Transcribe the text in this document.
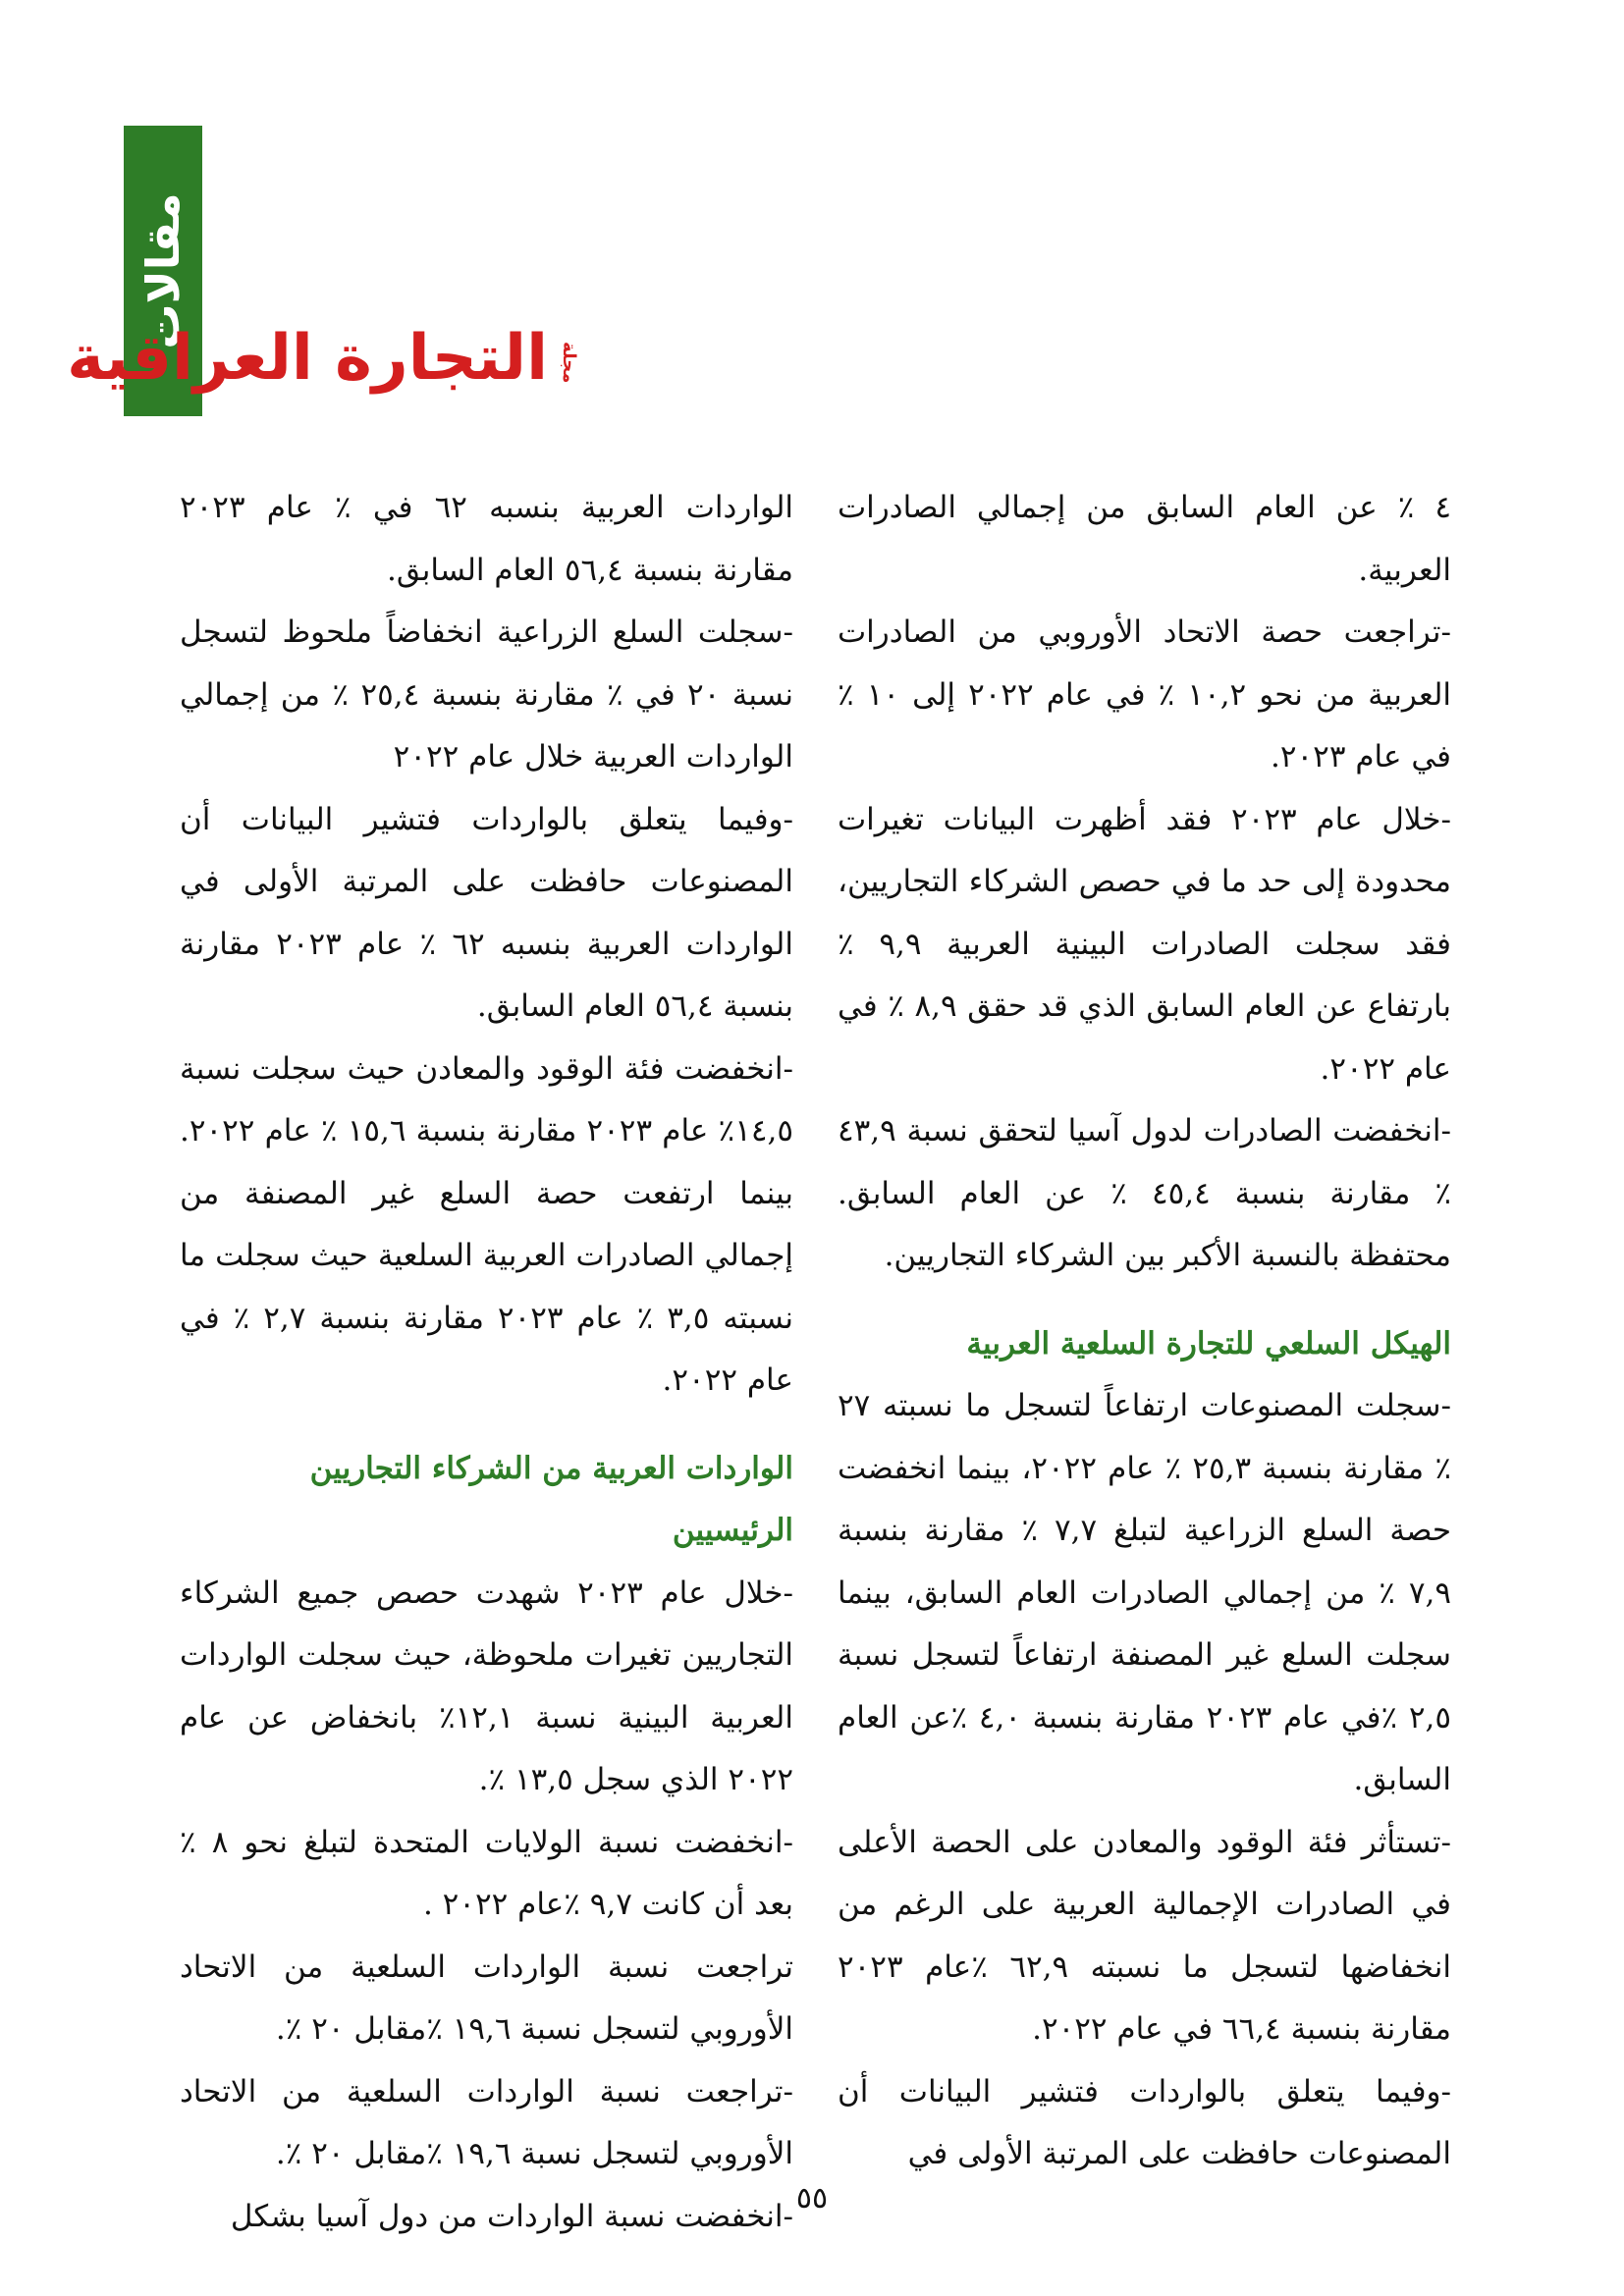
مقالات
مجلة
التجارة العراقية

٤ ٪ عن العام السابق من إجمالي الصادرات العربية.

-تراجعت حصة الاتحاد الأوروبي من الصادرات العربية من نحو ١٠,٢ ٪ في عام ٢٠٢٢ إلى ١٠ ٪ في عام ٢٠٢٣.

-خلال عام ٢٠٢٣ فقد أظهرت البيانات تغيرات محدودة إلى حد ما في حصص الشركاء التجاريين، فقد سجلت الصادرات البينية العربية ٩,٩ ٪ بارتفاع عن العام السابق الذي قد حقق ٨,٩ ٪ في عام ٢٠٢٢.

-انخفضت الصادرات لدول آسيا لتحقق نسبة ٤٣,٩ ٪ مقارنة بنسبة ٤٥,٤ ٪ عن العام السابق. محتفظة بالنسبة الأكبر بين الشركاء التجاريين.

الهيكل السلعي للتجارة السلعية العربية

-سجلت المصنوعات ارتفاعاً لتسجل ما نسبته ٢٧ ٪ مقارنة بنسبة ٢٥,٣ ٪ عام ٢٠٢٢، بينما انخفضت حصة السلع الزراعية لتبلغ ٧,٧ ٪ مقارنة بنسبة ٧,٩ ٪ من إجمالي الصادرات العام السابق، بينما سجلت السلع غير المصنفة ارتفاعاً لتسجل نسبة ٢,٥ ٪في عام ٢٠٢٣ مقارنة بنسبة ٤,٠ ٪عن العام السابق.

-تستأثر فئة الوقود والمعادن على الحصة الأعلى في الصادرات الإجمالية العربية على الرغم من انخفاضها لتسجل ما نسبته ٦٢,٩ ٪عام ٢٠٢٣ مقارنة بنسبة ٦٦,٤ في عام ٢٠٢٢.

-وفيما يتعلق بالواردات فتشير البيانات أن المصنوعات حافظت على المرتبة الأولى في

الواردات العربية بنسبه ٦٢ في ٪ عام ٢٠٢٣ مقارنة بنسبة ٥٦,٤ العام السابق.

-سجلت السلع الزراعية انخفاضاً ملحوظ لتسجل نسبة ٢٠ في ٪ مقارنة بنسبة ٢٥,٤ ٪ من إجمالي الواردات العربية خلال عام ٢٠٢٢

-وفيما يتعلق بالواردات فتشير البيانات أن المصنوعات حافظت على المرتبة الأولى في الواردات العربية بنسبه ٦٢ ٪ عام ٢٠٢٣ مقارنة بنسبة ٥٦,٤ العام السابق.

-انخفضت فئة الوقود والمعادن حيث سجلت نسبة ١٤,٥٪ عام ٢٠٢٣ مقارنة بنسبة ١٥,٦ ٪ عام ٢٠٢٢. بينما ارتفعت حصة السلع غير المصنفة من إجمالي الصادرات العربية السلعية حيث سجلت ما نسبته ٣,٥ ٪ عام ٢٠٢٣ مقارنة بنسبة ٢,٧ ٪ في عام ٢٠٢٢.

الواردات العربية من الشركاء التجاريين الرئيسيين

-خلال عام ٢٠٢٣ شهدت حصص جميع الشركاء التجاريين تغيرات ملحوظة، حيث سجلت الواردات العربية البينية نسبة ١٢,١٪ بانخفاض عن عام ٢٠٢٢ الذي سجل ١٣,٥ ٪.

-انخفضت نسبة الولايات المتحدة لتبلغ نحو ٨ ٪ بعد أن كانت ٩,٧ ٪عام ٢٠٢٢ .

تراجعت نسبة الواردات السلعية من الاتحاد الأوروبي لتسجل نسبة ١٩,٦ ٪مقابل ٢٠ ٪.

-تراجعت نسبة الواردات السلعية من الاتحاد الأوروبي لتسجل نسبة ١٩,٦ ٪مقابل ٢٠ ٪.

-انخفضت نسبة الواردات من دول آسيا بشكل ٥٥
